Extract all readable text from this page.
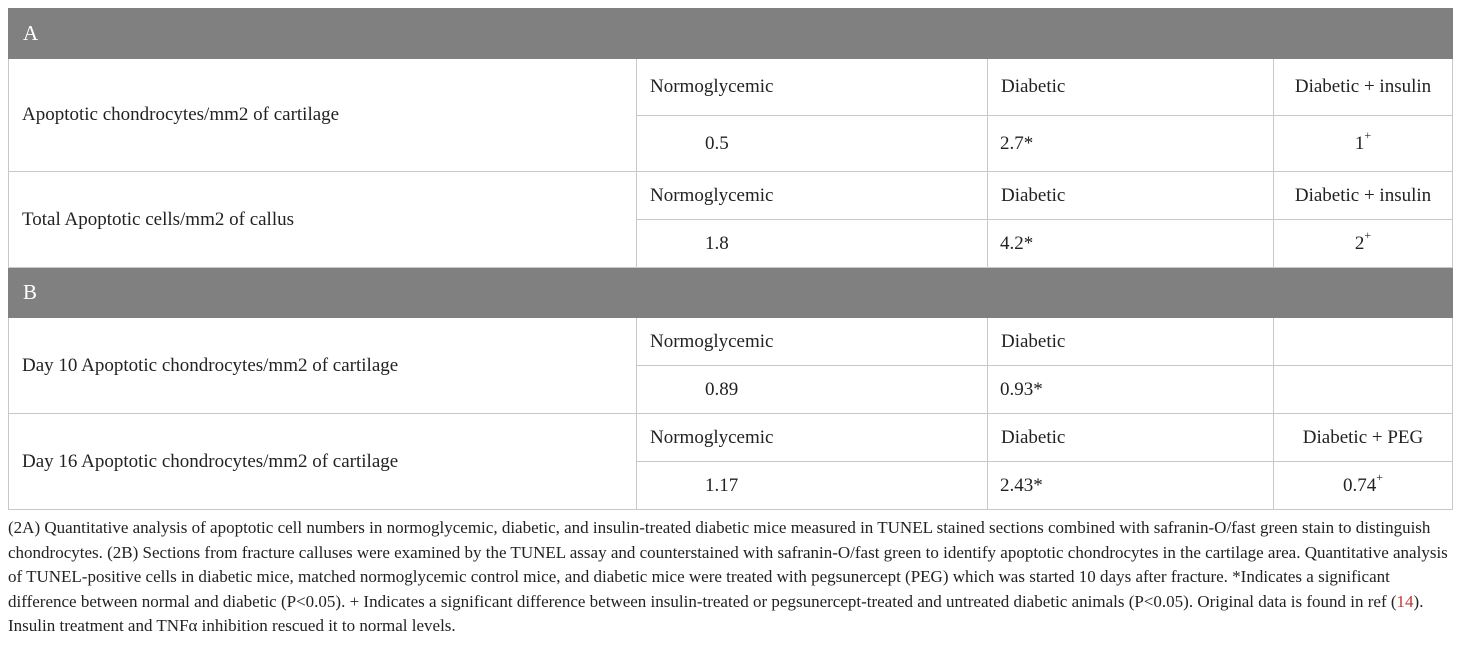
A			
Apoptotic chondrocytes/mm2 of cartilage	Normoglycemic	Diabetic	Diabetic + insulin
	0.5	2.7*	1+
Total Apoptotic cells/mm2 of callus	Normoglycemic	Diabetic	Diabetic + insulin
	1.8	4.2*	2+
B			
Day 10 Apoptotic chondrocytes/mm2 of cartilage	Normoglycemic	Diabetic	
	0.89	0.93*	
Day 16 Apoptotic chondrocytes/mm2 of cartilage	Normoglycemic	Diabetic	Diabetic + PEG
	1.17	2.43*	0.74+

(2A) Quantitative analysis of apoptotic cell numbers in normoglycemic, diabetic, and insulin-treated diabetic mice measured in TUNEL stained sections combined with safranin-O/fast green stain to distinguish chondrocytes. (2B) Sections from fracture calluses were examined by the TUNEL assay and counterstained with safranin-O/fast green to identify apoptotic chondrocytes in the cartilage area. Quantitative analysis of TUNEL-positive cells in diabetic mice, matched normoglycemic control mice, and diabetic mice were treated with pegsunercept (PEG) which was started 10 days after fracture. *Indicates a significant difference between normal and diabetic (P<0.05). + Indicates a significant difference between insulin-treated or pegsunercept-treated and untreated diabetic animals (P<0.05). Original data is found in ref (14).

Insulin treatment and TNFα inhibition rescued it to normal levels.
